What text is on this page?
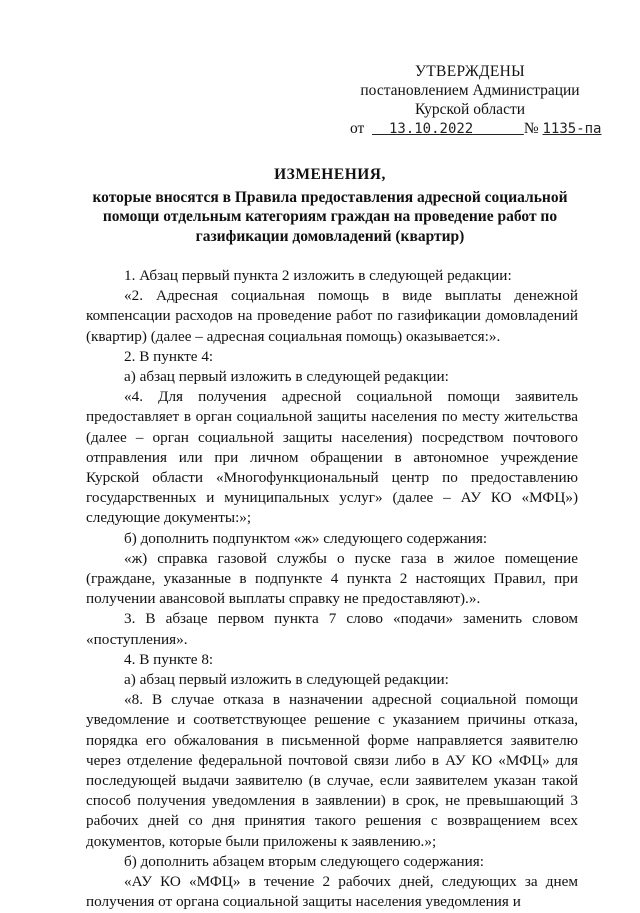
УТВЕРЖДЕНЫ
постановлением Администрации
Курской области
от 13.10.2022	№ 1135-па
ИЗМЕНЕНИЯ,
которые вносятся в Правила предоставления адресной социальной
помощи отдельным категориям граждан на проведение работ по
газификации домовладений (квартир)

1. Абзац первый пункта 2 изложить в следующей редакции:

«2. Адресная социальная помощь в виде выплаты денежной компенсации расходов на проведение работ по газификации домовладений (квартир) (далее – адресная социальная помощь) оказывается:».

2. В пункте 4:

а) абзац первый изложить в следующей редакции:

«4. Для получения адресной социальной помощи заявитель предоставляет в орган социальной защиты населения по месту жительства (далее – орган социальной защиты населения) посредством почтового отправления или при личном обращении в автономное учреждение Курской области «Многофункциональный центр по предоставлению государственных и муниципальных услуг» (далее – АУ КО «МФЦ») следующие документы:»;

б) дополнить подпунктом «ж» следующего содержания:

«ж) справка газовой службы о пуске газа в жилое помещение (граждане, указанные в подпункте 4 пункта 2 настоящих Правил, при получении авансовой выплаты справку не предоставляют).».

3. В абзаце первом пункта 7 слово «подачи» заменить словом «поступления».

4. В пункте 8:

а) абзац первый изложить в следующей редакции:

«8. В случае отказа в назначении адресной социальной помощи уведомление и соответствующее решение с указанием причины отказа, порядка его обжалования в письменной форме направляется заявителю через отделение федеральной почтовой связи либо в АУ КО «МФЦ» для последующей выдачи заявителю (в случае, если заявителем указан такой способ получения уведомления в заявлении) в срок, не превышающий 3 рабочих дней со дня принятия такого решения с возвращением всех документов, которые были приложены к заявлению.»;

б) дополнить абзацем вторым следующего содержания:

«АУ КО «МФЦ» в течение 2 рабочих дней, следующих за днем получения от органа социальной защиты населения уведомления и
